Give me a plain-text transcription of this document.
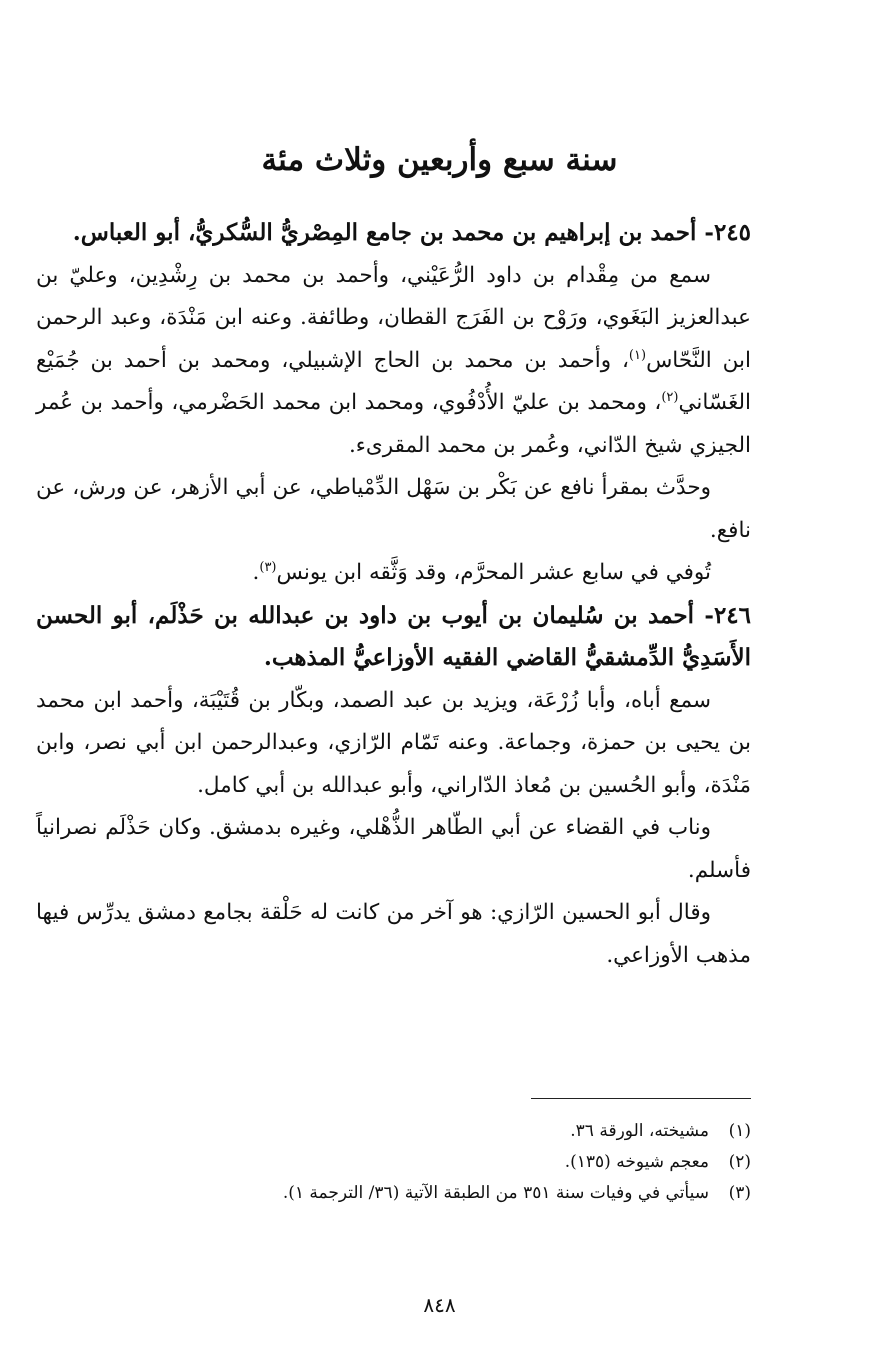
سنة سبع وأربعين وثلاث مئة

٢٤٥- أحمد بن إبراهيم بن محمد بن جامع المِصْريُّ السُّكريُّ، أبو العباس.

سمع من مِقْدام بن داود الرُّعَيْني، وأحمد بن محمد بن رِشْدِين، وعليّ بن عبدالعزيز البَغَوي، ورَوْح بن الفَرَج القطان، وطائفة. وعنه ابن مَنْدَة، وعبد الرحمن ابن النَّحّاس$^{(١)}$، وأحمد بن محمد بن الحاج الإشبيلي، ومحمد بن أحمد بن جُمَيْع الغَسّاني$^{(٢)}$، ومحمد بن عليّ الأُدْفُوي، ومحمد ابن محمد الحَضْرمي، وأحمد بن عُمر الجيزي شيخ الدّاني، وعُمر بن محمد المقرىء.

وحدَّث بمقرأ نافع عن بَكْر بن سَهْل الدِّمْياطي، عن أبي الأزهر، عن ورش، عن نافع.

تُوفي في سابع عشر المحرَّم، وقد وَثَّقه ابن يونس$^{(٣)}$.

٢٤٦- أحمد بن سُليمان بن أيوب بن داود بن عبدالله بن حَذْلَم، أبو الحسن الأَسَدِيُّ الدِّمشقيُّ القاضي الفقيه الأوزاعيُّ المذهب.

سمع أباه، وأبا زُرْعَة، ويزيد بن عبد الصمد، وبكّار بن قُتَيْبَة، وأحمد ابن محمد بن يحيى بن حمزة، وجماعة. وعنه تَمّام الرّازي، وعبدالرحمن ابن أبي نصر، وابن مَنْدَة، وأبو الحُسين بن مُعاذ الدّاراني، وأبو عبدالله بن أبي كامل.

وناب في القضاء عن أبي الطّاهر الذُّهْلي، وغيره بدمشق. وكان حَذْلَم نصرانياً فأسلم.

وقال أبو الحسين الرّازي: هو آخر من كانت له حَلْقة بجامع دمشق يدرِّس فيها مذهب الأوزاعي.

(١)
مشيخته، الورقة ٣٦.
(٢)
معجم شيوخه (١٣٥).
(٣)
سيأتي في وفيات سنة ٣٥١ من الطبقة الآتية (٣٦/ الترجمة ١).
٨٤٨
